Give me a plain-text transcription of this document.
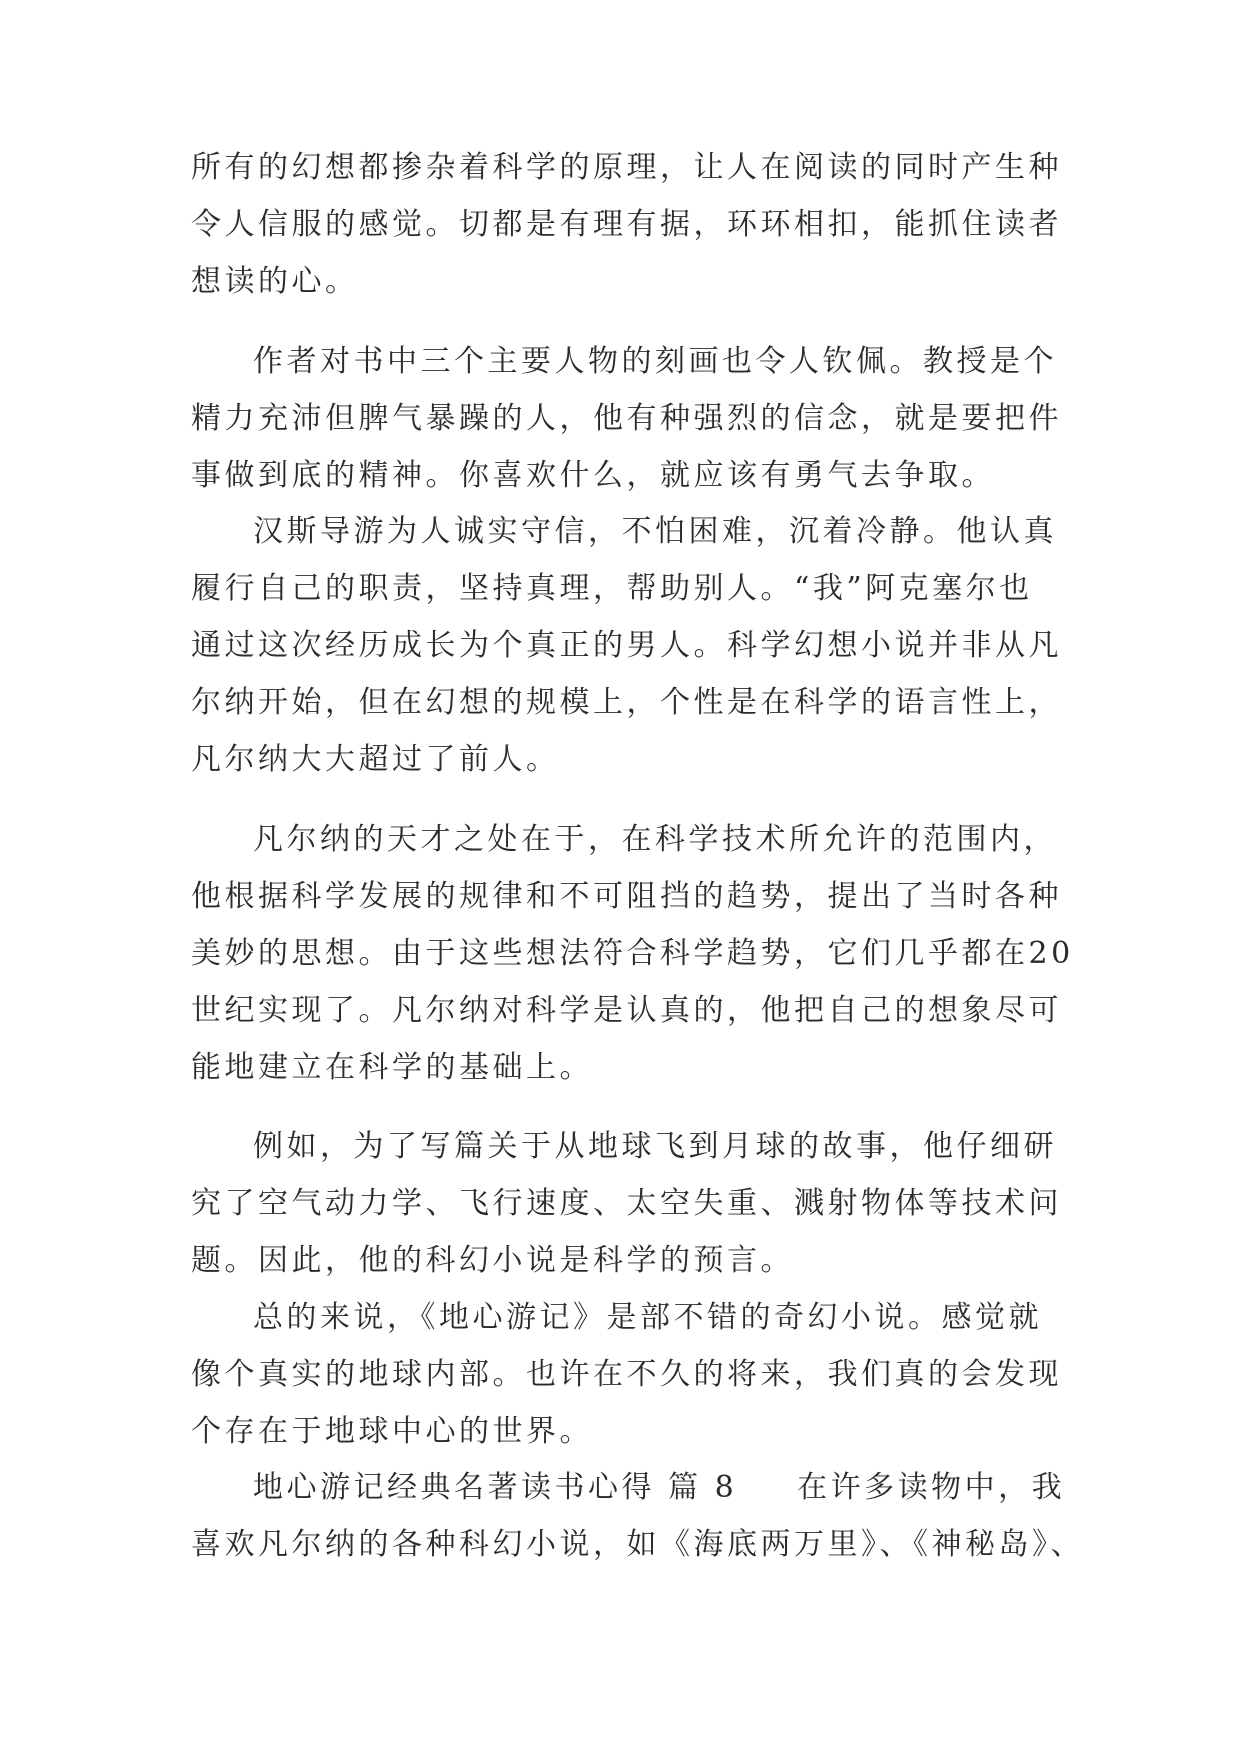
所有的幻想都掺杂着科学的原理，让人在阅读的同时产生种
令人信服的感觉。切都是有理有据，环环相扣，能抓住读者
想读的心。
作者对书中三个主要人物的刻画也令人钦佩。教授是个
精力充沛但脾气暴躁的人，他有种强烈的信念，就是要把件
事做到底的精神。你喜欢什么，就应该有勇气去争取。
汉斯导游为人诚实守信，不怕困难，沉着冷静。他认真
履行自己的职责，坚持真理，帮助别人。“我”阿克塞尔也
通过这次经历成长为个真正的男人。科学幻想小说并非从凡
尔纳开始，但在幻想的规模上，个性是在科学的语言性上，
凡尔纳大大超过了前人。
凡尔纳的天才之处在于，在科学技术所允许的范围内，
他根据科学发展的规律和不可阻挡的趋势，提出了当时各种
美妙的思想。由于这些想法符合科学趋势，它们几乎都在20
世纪实现了。凡尔纳对科学是认真的，他把自己的想象尽可
能地建立在科学的基础上。
例如，为了写篇关于从地球飞到月球的故事，他仔细研
究了空气动力学、飞行速度、太空失重、溅射物体等技术问
题。因此，他的科幻小说是科学的预言。
总的来说，《地心游记》是部不错的奇幻小说。感觉就
像个真实的地球内部。也许在不久的将来，我们真的会发现
个存在于地球中心的世界。
地心游记经典名著读书心得 篇 8 在许多读物中，我
喜欢凡尔纳的各种科幻小说，如《海底两万里》、《神秘岛》、
